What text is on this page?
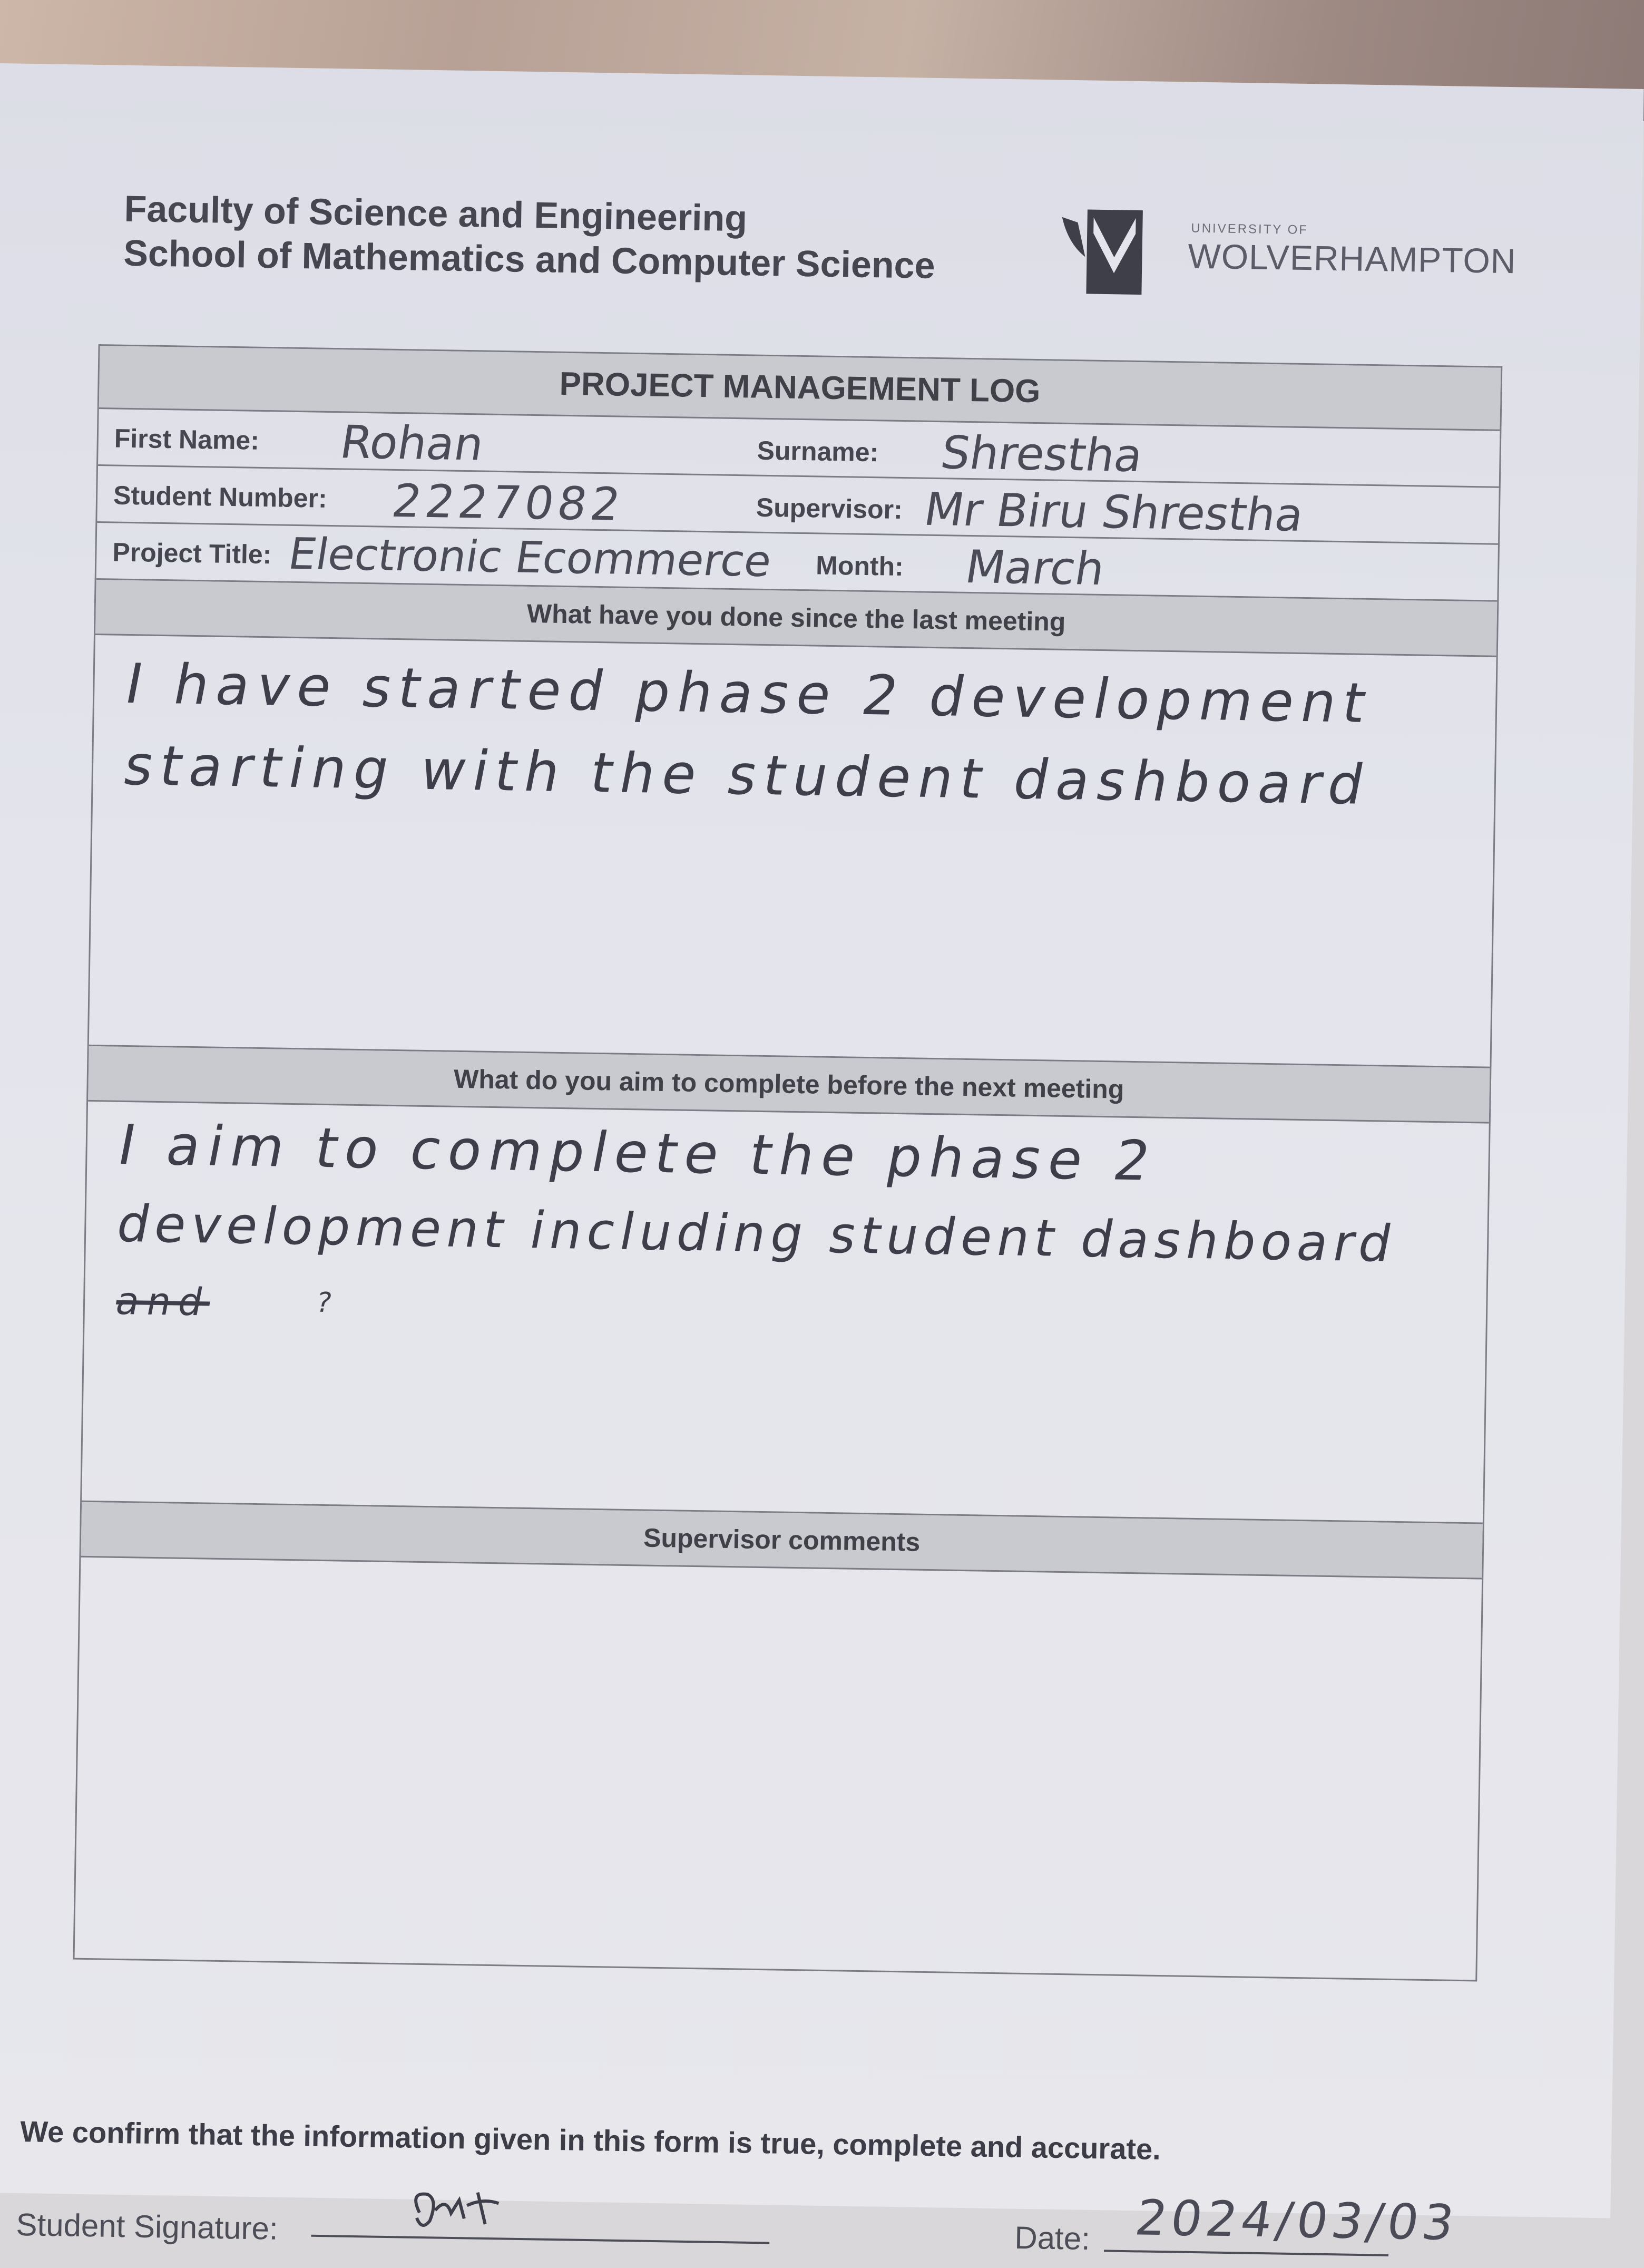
Faculty of Science and Engineering
School of Mathematics and Computer Science
UNIVERSITY OF
WOLVERHAMPTON
PROJECT MANAGEMENT LOG
First Name: Rohan	Surname: Shrestha
Student Number: 2227082	Supervisor: Mr Biru Shrestha
Project Title: Electronic Ecommerce Month: March
What have you done since the last meeting
I have started phase 2 development
starting with the student dashboard
What do you aim to complete before the next meeting
I aim to complete the phase 2
development including student dashboard
and	?
Supervisor comments
We confirm that the information given in this form is true, complete and accurate.
Student Signature:	Date: 2024/03/03
